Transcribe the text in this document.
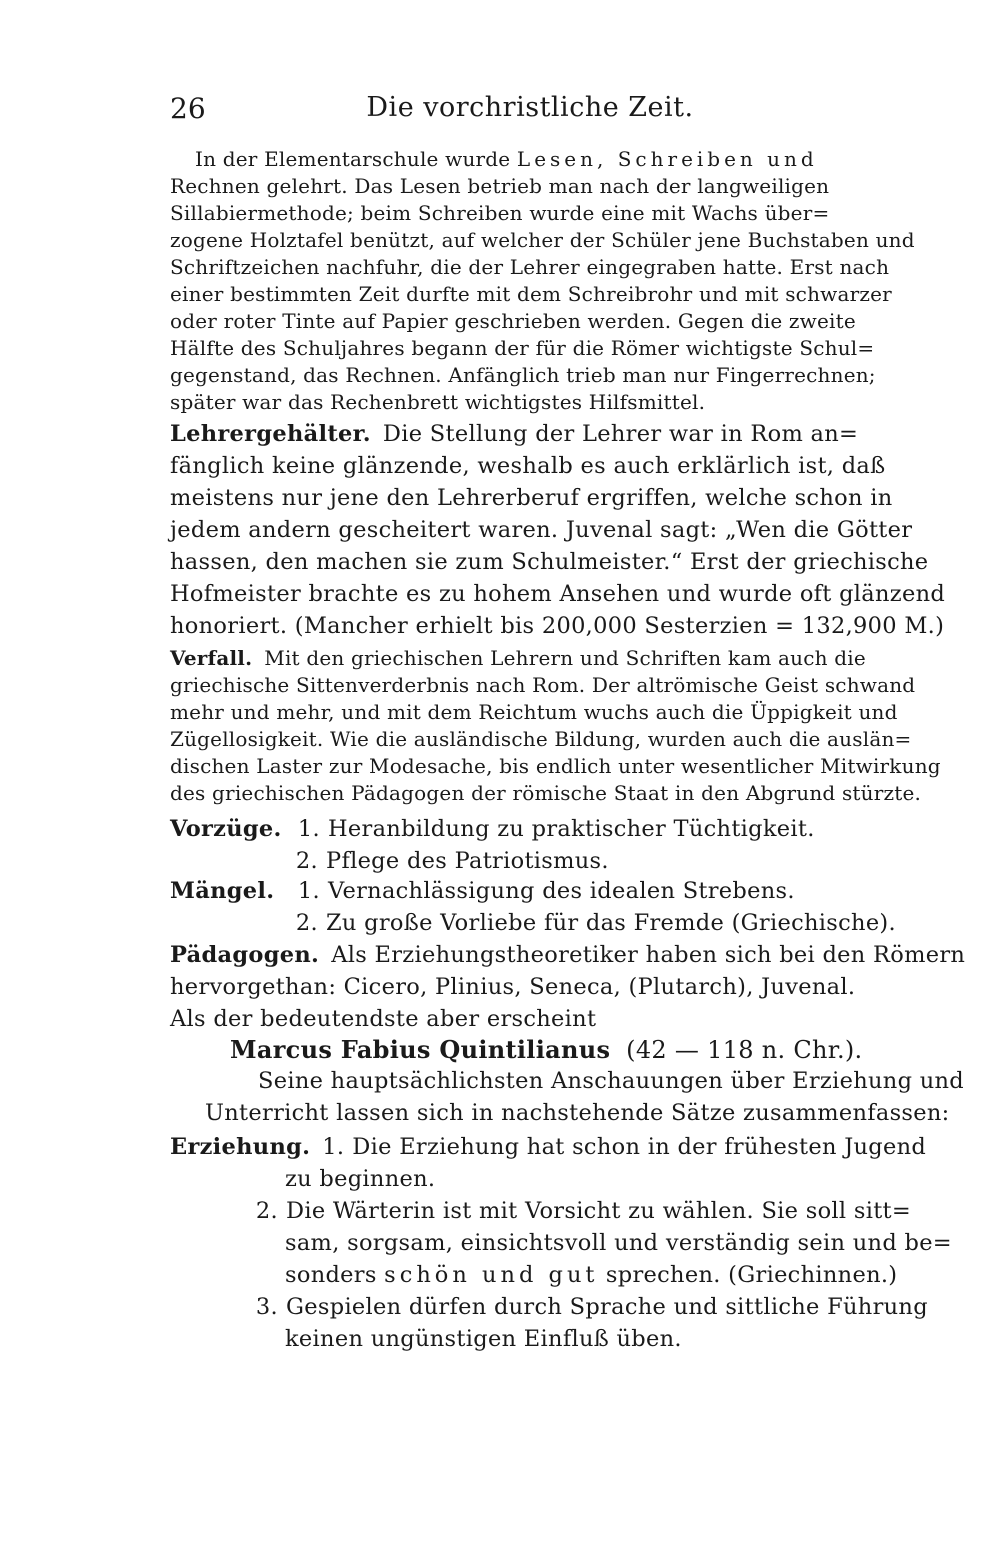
26	Die vorchristliche Zeit.

In der Elementarschule wurde Lesen, Schreiben und

Rechnen gelehrt. Das Lesen betrieb man nach der langweiligen

Sillabiermethode; beim Schreiben wurde eine mit Wachs über=

zogene Holztafel benützt, auf welcher der Schüler jene Buchstaben und

Schriftzeichen nachfuhr, die der Lehrer eingegraben hatte. Erst nach

einer bestimmten Zeit durfte mit dem Schreibrohr und mit schwarzer

oder roter Tinte auf Papier geschrieben werden. Gegen die zweite

Hälfte des Schuljahres begann der für die Römer wichtigste Schul=

gegenstand, das Rechnen. Anfänglich trieb man nur Fingerrechnen;

später war das Rechenbrett wichtigstes Hilfsmittel.

Lehrergehälter. Die Stellung der Lehrer war in Rom an=

fänglich keine glänzende, weshalb es auch erklärlich ist, daß

meistens nur jene den Lehrerberuf ergriffen, welche schon in

jedem andern gescheitert waren. Juvenal sagt: „Wen die Götter

hassen, den machen sie zum Schulmeister.“ Erst der griechische

Hofmeister brachte es zu hohem Ansehen und wurde oft glänzend

honoriert. (Mancher erhielt bis 200,000 Sesterzien = 132,900 M.)

Verfall. Mit den griechischen Lehrern und Schriften kam auch die

griechische Sittenverderbnis nach Rom. Der altrömische Geist schwand

mehr und mehr, und mit dem Reichtum wuchs auch die Üppigkeit und

Zügellosigkeit. Wie die ausländische Bildung, wurden auch die auslän=

dischen Laster zur Modesache, bis endlich unter wesentlicher Mitwirkung

des griechischen Pädagogen der römische Staat in den Abgrund stürzte.

Vorzüge. 1. Heranbildung zu praktischer Tüchtigkeit.

2. Pflege des Patriotismus.

Mängel. 1. Vernachlässigung des idealen Strebens.

2. Zu große Vorliebe für das Fremde (Griechische).

Pädagogen. Als Erziehungstheoretiker haben sich bei den Römern

hervorgethan: Cicero, Plinius, Seneca, (Plutarch), Juvenal.

Als der bedeutendste aber erscheint

Marcus Fabius Quintilianus (42 — 118 n. Chr.).

Seine hauptsächlichsten Anschauungen über Erziehung und

Unterricht lassen sich in nachstehende Sätze zusammenfassen:

Erziehung. 1. Die Erziehung hat schon in der frühesten Jugend

zu beginnen.

2. Die Wärterin ist mit Vorsicht zu wählen. Sie soll sitt=

sam, sorgsam, einsichtsvoll und verständig sein und be=

sonders schön und gut sprechen. (Griechinnen.)

3. Gespielen dürfen durch Sprache und sittliche Führung

keinen ungünstigen Einfluß üben.
